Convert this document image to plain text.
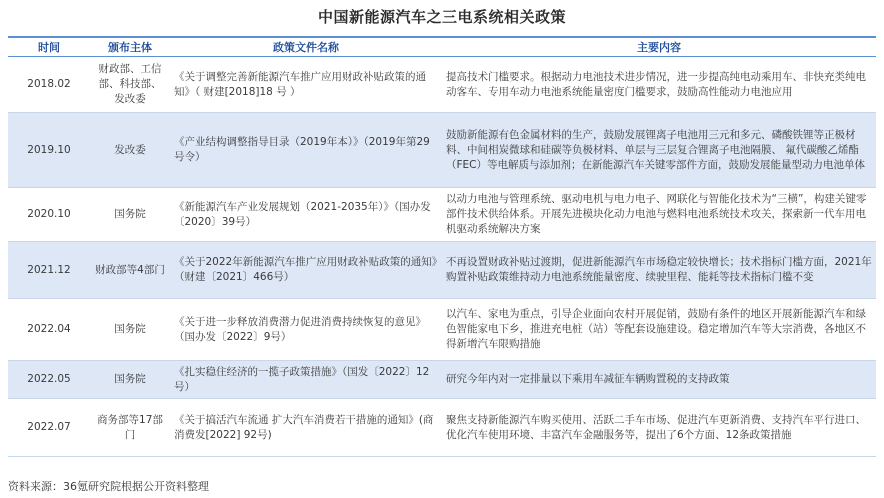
中国新能源汽车之三电系统相关政策
时间	颁布主体	政策文件名称	主要内容
2018.02	财政部、工信部、科技部、发改委	《关于调整完善新能源汽车推广应用财政补贴政策的通知》（ 财建[2018]18 号 ）	提高技术门槛要求。根据动力电池技术进步情况，进一步提高纯电动乘用车、非快充类纯电动客车、专用车动力电池系统能量密度门槛要求，鼓励高性能动力电池应用
2019.10	发改委	《产业结构调整指导目录（2019年本）》（2019年第29号令）	鼓励新能源有色金属材料的生产，鼓励发展锂离子电池用三元和多元、磷酸铁锂等正极材料、中间相炭微球和硅碳等负极材料、单层与三层复合锂离子电池隔膜、 氟代碳酸乙烯酯（FEC）等电解质与添加剂；在新能源汽车关键零部件方面，鼓励发展能量型动力电池单体
2020.10	国务院	《新能源汽车产业发展规划（2021-2035年）》（国办发〔2020〕39号）	以动力电池与管理系统、驱动电机与电力电子、网联化与智能化技术为“三横”，构建关键零部件技术供给体系。开展先进模块化动力电池与燃料电池系统技术攻关，探索新一代车用电机驱动系统解决方案
2021.12	财政部等4部门	《关于2022年新能源汽车推广应用财政补贴政策的通知》（财建〔2021〕466号）	不再设置财政补贴过渡期，促进新能源汽车市场稳定较快增长；技术指标门槛方面，2021年购置补贴政策维持动力电池系统能量密度、续驶里程、能耗等技术指标门槛不变
2022.04	国务院	《关于进一步释放消费潜力促进消费持续恢复的意见》（国办发〔2022〕9号）	以汽车、家电为重点，引导企业面向农村开展促销，鼓励有条件的地区开展新能源汽车和绿色智能家电下乡，推进充电桩（站）等配套设施建设。稳定增加汽车等大宗消费，各地区不得新增汽车限购措施
2022.05	国务院	《扎实稳住经济的一揽子政策措施》（国发〔2022〕12号）	研究今年内对一定排量以下乘用车减征车辆购置税的支持政策
2022.07	商务部等17部门	《关于搞活汽车流通 扩大汽车消费若干措施的通知》(商消费发[2022] 92号)	聚焦支持新能源汽车购买使用、活跃二手车市场、促进汽车更新消费、支持汽车平行进口、优化汽车使用环境、丰富汽车金融服务等，提出了6个方面、12条政策措施
资料来源：36氪研究院根据公开资料整理
